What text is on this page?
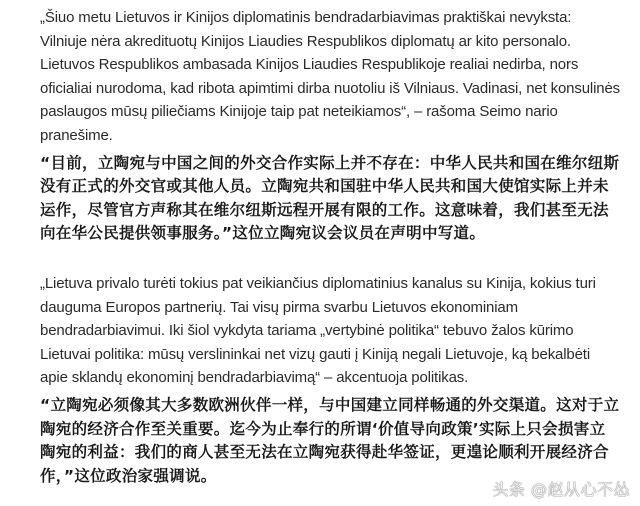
„Šiuo metu Lietuvos ir Kinijos diplomatinis bendradarbiavimas praktiškai nevyksta: Vilniuje nėra akredituotų Kinijos Liaudies Respublikos diplomatų ar kito personalo. Lietuvos Respublikos ambasada Kinijos Liaudies Respublikoje realiai nedirba, nors oficialiai nurodoma, kad ribota apimtimi dirba nuotoliu iš Vilniaus. Vadinasi, net konsulinės paslaugos mūsų piliečiams Kinijoje taip pat neteikiamos“, – rašoma Seimo nario pranešime.

“目前，立陶宛与中国之间的外交合作实际上并不存在：中华人民共和国在维尔纽斯没有正式的外交官或其他人员。立陶宛共和国驻中华人民共和国大使馆实际上并未运作，尽管官方声称其在维尔纽斯远程开展有限的工作。这意味着，我们甚至无法向在华公民提供领事服务。”这位立陶宛议会议员在声明中写道。

„Lietuva privalo turėti tokius pat veikiančius diplomatinius kanalus su Kinija, kokius turi dauguma Europos partnerių. Tai visų pirma svarbu Lietuvos ekonominiam bendradarbiavimui. Iki šiol vykdyta tariama „vertybinė politika“ tebuvo žalos kūrimo Lietuvai politika: mūsų verslininkai net vizų gauti į Kiniją negali Lietuvoje, ką bekalbėti apie sklandų ekonominį bendradarbiavimą“ – akcentuoja politikas.

“立陶宛必须像其大多数欧洲伙伴一样，与中国建立同样畅通的外交渠道。这对于立陶宛的经济合作至关重要。迄今为止奉行的所谓‘价值导向政策’实际上只会损害立陶宛的利益：我们的商人甚至无法在立陶宛获得赴华签证，更遑论顺利开展经济合作，”这位政治家强调说。

头条 @赵从心不怂
